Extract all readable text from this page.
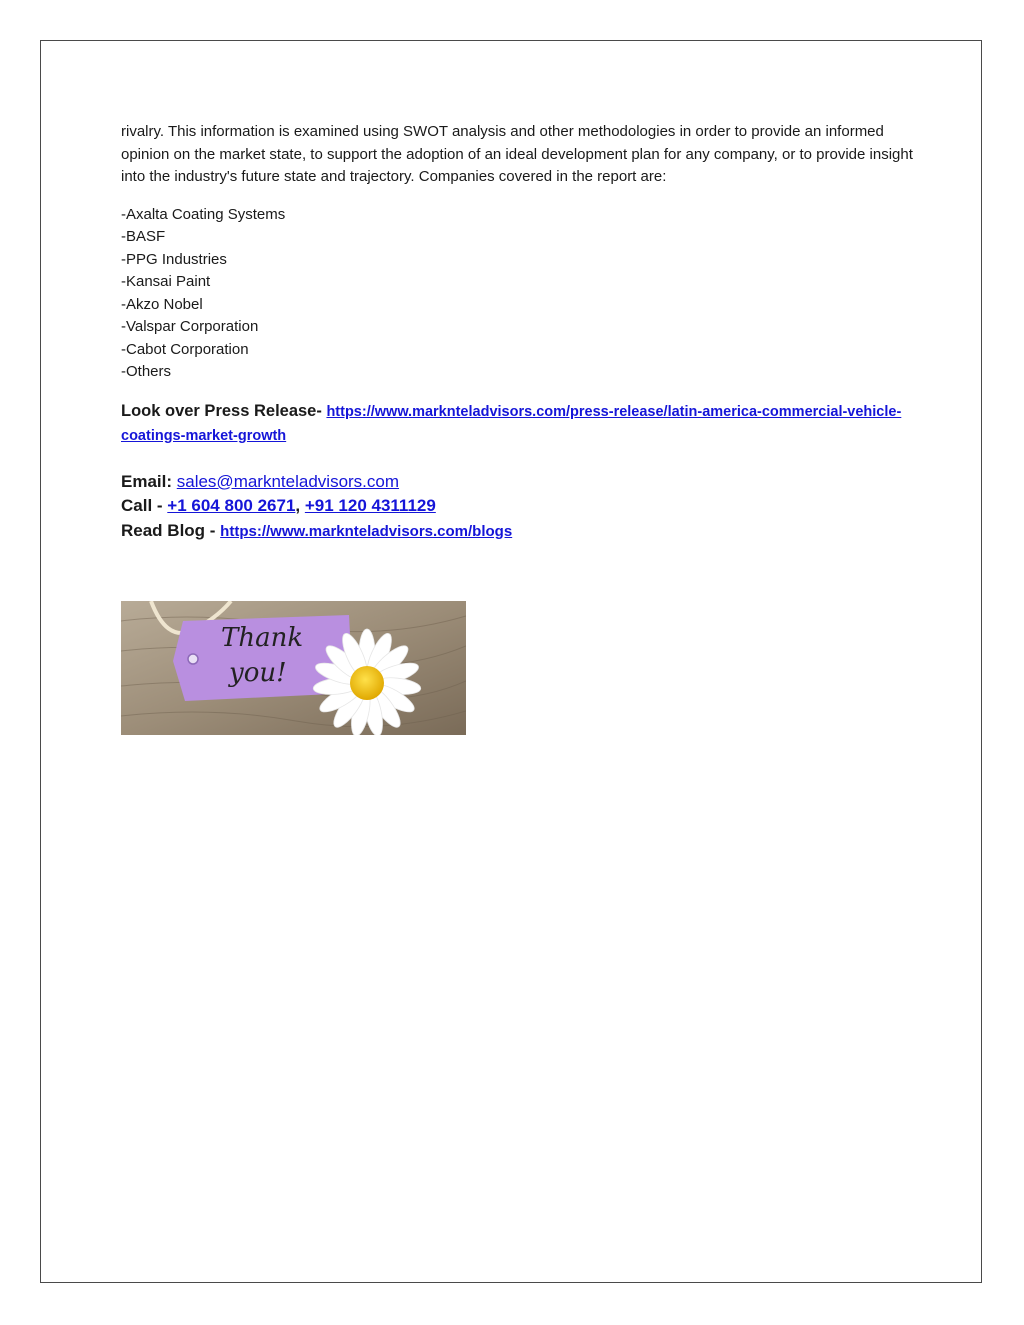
rivalry. This information is examined using SWOT analysis and other methodologies in order to provide an informed opinion on the market state, to support the adoption of an ideal development plan for any company, or to provide insight into the industry's future state and trajectory. Companies covered in the report are:

-Axalta Coating Systems
-BASF
-PPG Industries
-Kansai Paint
-Akzo Nobel
-Valspar Corporation
-Cabot Corporation
-Others
Look over Press Release- https://www.marknteladvisors.com/press-release/latin-america-commercial-vehicle-coatings-market-growth
Email: sales@marknteladvisors.com
Call - +1 604 800 2671, +91 120 4311129
Read Blog - https://www.marknteladvisors.com/blogs
Thank
you!
